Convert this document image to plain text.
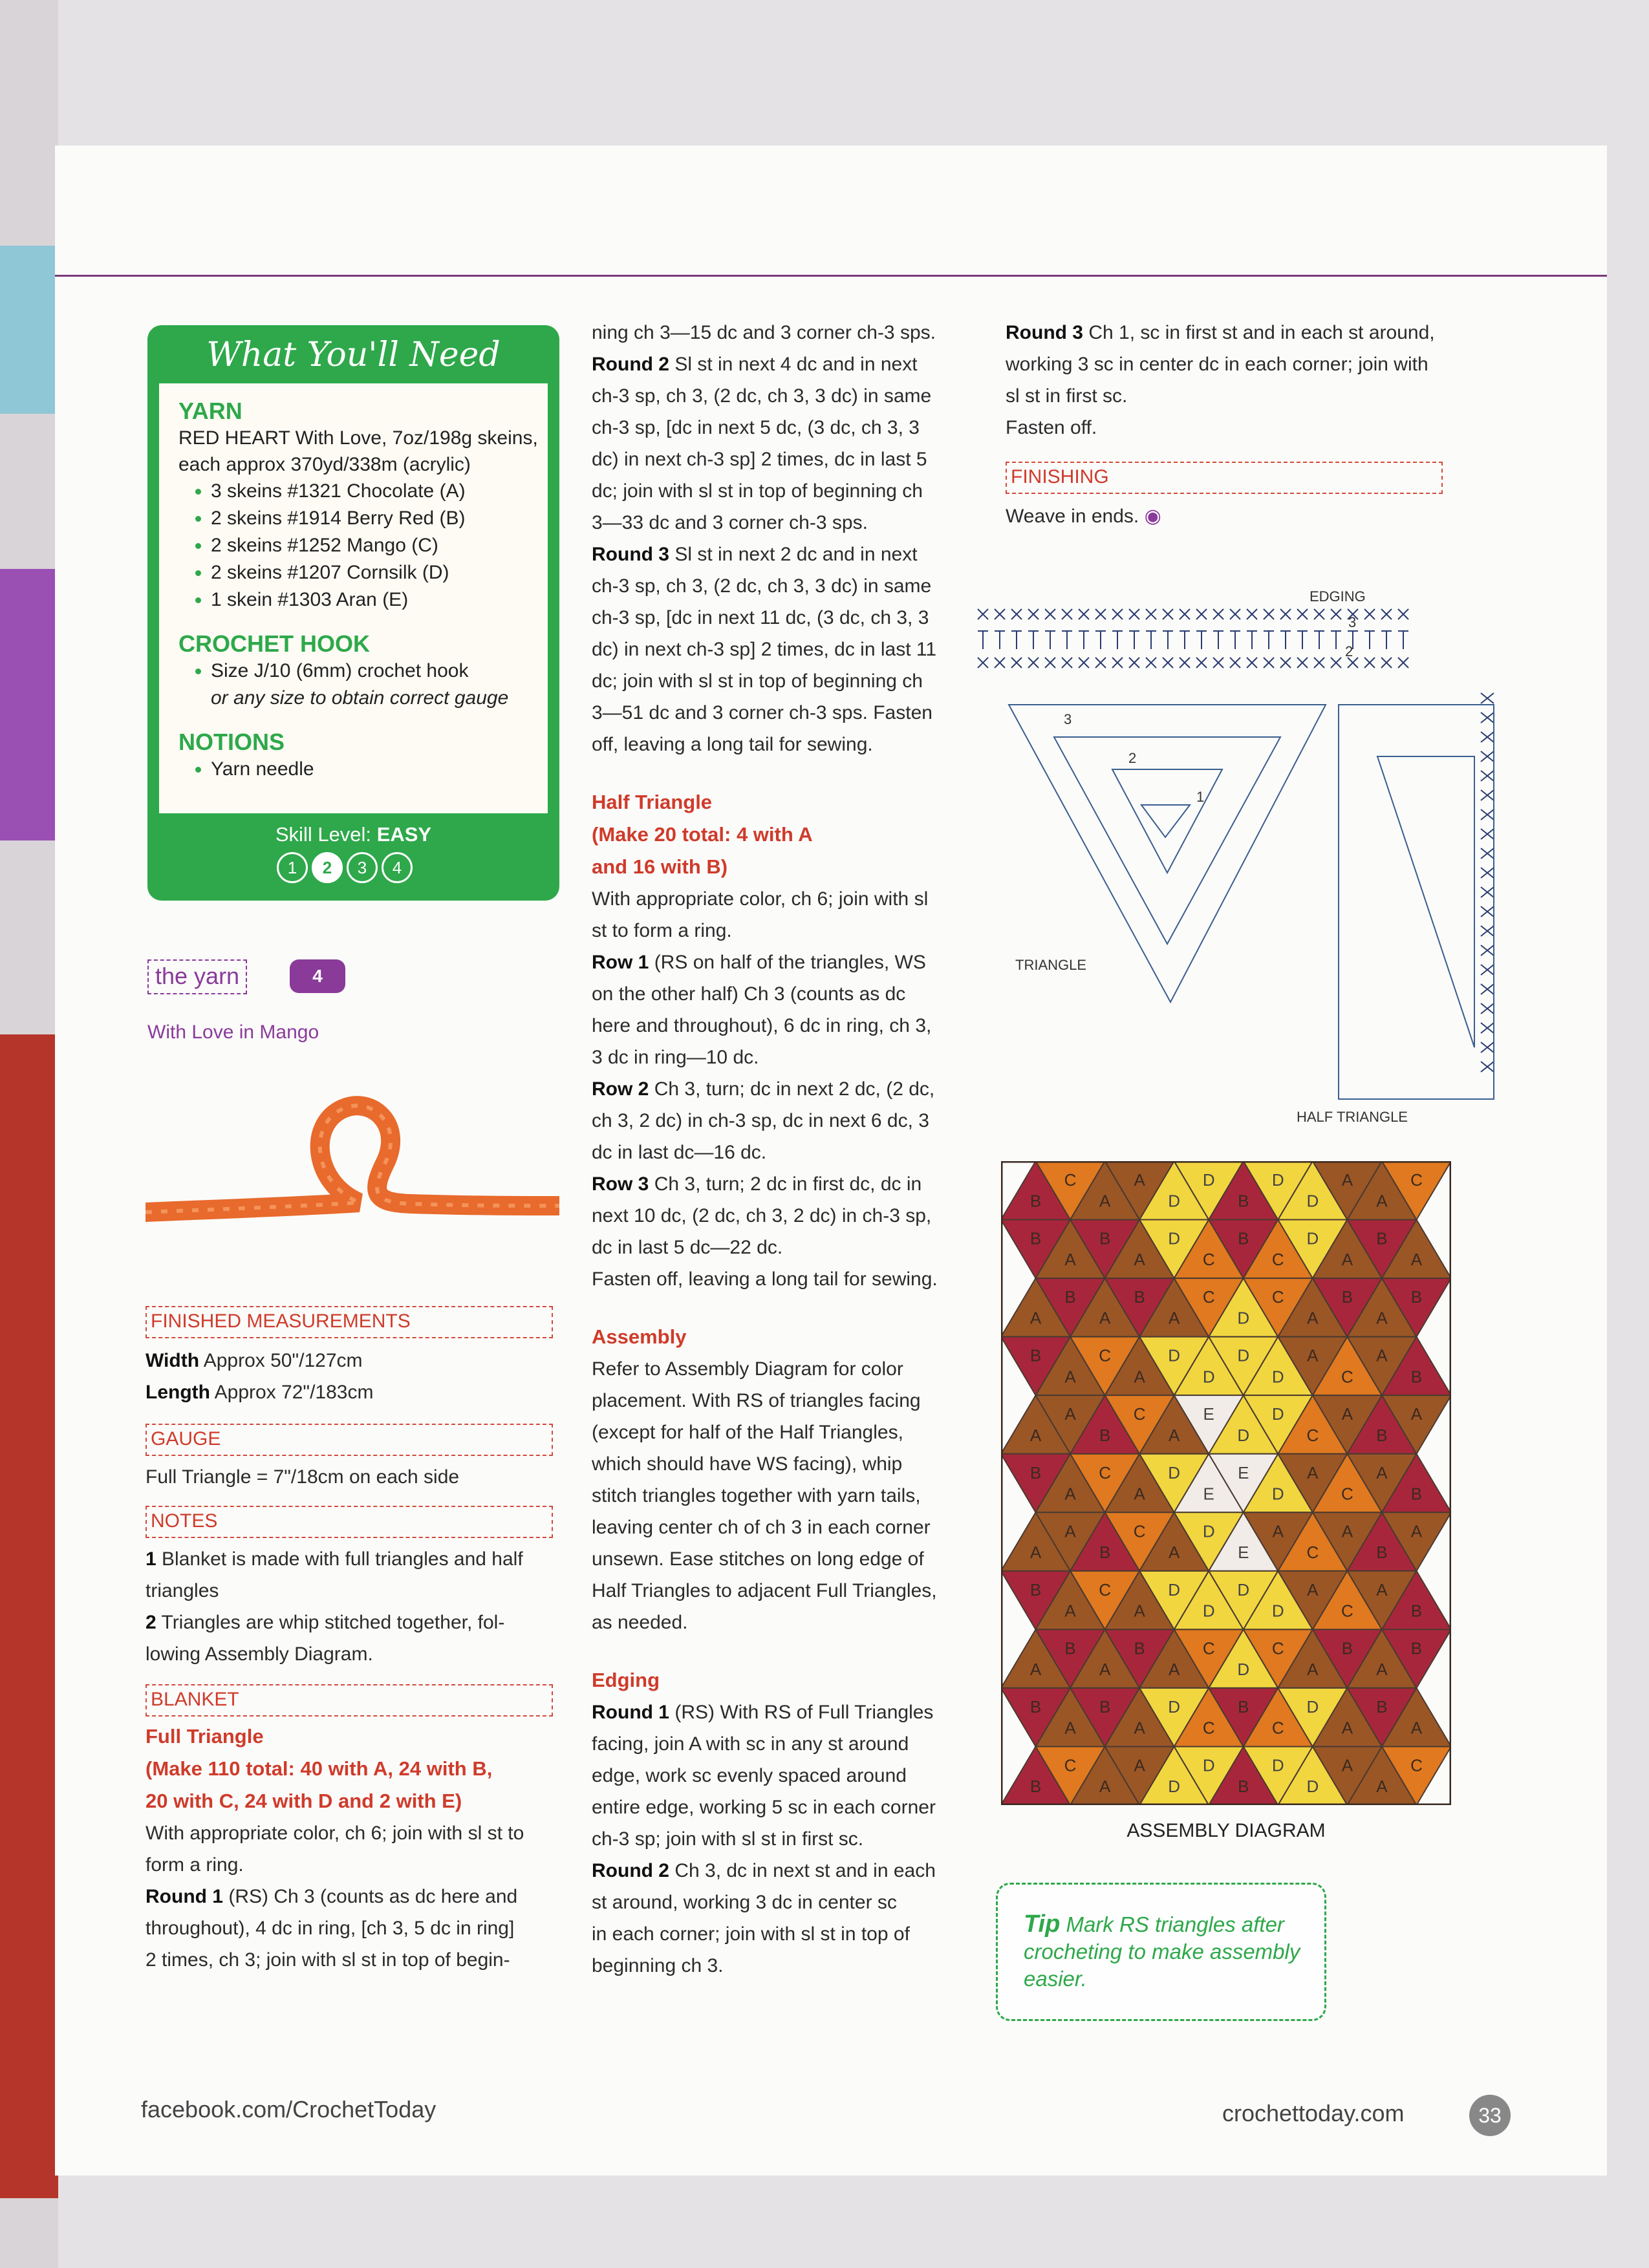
What You'll Need
YARN
RED HEART With Love, 7oz/198g skeins, each approx 370yd/338m (acrylic)
• 3 skeins #1321 Chocolate (A)
• 2 skeins #1914 Berry Red (B)
• 2 skeins #1252 Mango (C)
• 2 skeins #1207 Cornsilk (D)
• 1 skein #1303 Aran (E)
CROCHET HOOK
• Size J/10 (6mm) crochet hook
or any size to obtain correct gauge
NOTIONS
• Yarn needle
Skill Level: EASY
1	2	3	4
the yarn	4
With Love in Mango
FINISHED MEASUREMENTS
Width Approx 50"/127cm
Length Approx 72"/183cm
GAUGE
Full Triangle = 7"/18cm on each side
NOTES
1 Blanket is made with full triangles and half
triangles
2 Triangles are whip stitched together, fol-
lowing Assembly Diagram.
BLANKET
Full Triangle
(Make 110 total: 40 with A, 24 with B,
20 with C, 24 with D and 2 with E)
With appropriate color, ch 6; join with sl st to
form a ring.
Round 1 (RS) Ch 3 (counts as dc here and
throughout), 4 dc in ring, [ch 3, 5 dc in ring]
2 times, ch 3; join with sl st in top of begin-
ning ch 3—15 dc and 3 corner ch-3 sps.
Round 2 Sl st in next 4 dc and in next
ch-3 sp, ch 3, (2 dc, ch 3, 3 dc) in same
ch-3 sp, [dc in next 5 dc, (3 dc, ch 3, 3
dc) in next ch-3 sp] 2 times, dc in last 5
dc; join with sl st in top of beginning ch
3—33 dc and 3 corner ch-3 sps.
Round 3 Sl st in next 2 dc and in next
ch-3 sp, ch 3, (2 dc, ch 3, 3 dc) in same
ch-3 sp, [dc in next 11 dc, (3 dc, ch 3, 3
dc) in next ch-3 sp] 2 times, dc in last 11
dc; join with sl st in top of beginning ch
3—51 dc and 3 corner ch-3 sps. Fasten
off, leaving a long tail for sewing.
Half Triangle
(Make 20 total: 4 with A
and 16 with B)
With appropriate color, ch 6; join with sl
st to form a ring.
Row 1 (RS on half of the triangles, WS
on the other half) Ch 3 (counts as dc
here and throughout), 6 dc in ring, ch 3,
3 dc in ring—10 dc.
Row 2 Ch 3, turn; dc in next 2 dc, (2 dc,
ch 3, 2 dc) in ch-3 sp, dc in next 6 dc, 3
dc in last dc—16 dc.
Row 3 Ch 3, turn; 2 dc in first dc, dc in
next 10 dc, (2 dc, ch 3, 2 dc) in ch-3 sp,
dc in last 5 dc—22 dc.
Fasten off, leaving a long tail for sewing.
Assembly
Refer to Assembly Diagram for color
placement. With RS of triangles facing
(except for half of the Half Triangles,
which should have WS facing), whip
stitch triangles together with yarn tails,
leaving center ch of ch 3 in each corner
unsewn. Ease stitches on long edge of
Half Triangles to adjacent Full Triangles,
as needed.
Edging
Round 1 (RS) With RS of Full Triangles
facing, join A with sc in any st around
edge, work sc evenly spaced around
entire edge, working 5 sc in each corner
ch-3 sp; join with sl st in first sc.
Round 2 Ch 3, dc in next st and in each
st around, working 3 dc in center sc
in each corner; join with sl st in top of
beginning ch 3.
Round 3 Ch 1, sc in first st and in each st around,
working 3 sc in center dc in each corner; join with
sl st in first sc.
Fasten off.
FINISHING
Weave in ends. ◉
EDGING
TRIANGLE
HALF TRIANGLE
1
2
3
2
3
B
C
A
A
D
D
B
D
D
A
A
C
B
A
B
A
D
C
B
C
D
A
B
A
A
B
A
B
A
C
D
C
A
B
A
B
B
A
C
A
D
D
D
D
A
C
A
B
A
A
B
C
A
E
D
D
C
A
B
A
B
A
C
A
D
E
E
D
A
C
A
B
A
A
B
C
A
D
E
A
C
A
B
A
B
A
C
A
D
D
D
D
A
C
A
B
A
B
A
B
A
C
D
C
A
B
A
B
B
A
B
A
D
C
B
C
D
A
B
A
B
C
A
A
D
D
B
D
D
A
A
C
ASSEMBLY DIAGRAM
Tip Mark RS triangles after crocheting to make assembly easier.
facebook.com/CrochetToday	crochettoday.com	33
